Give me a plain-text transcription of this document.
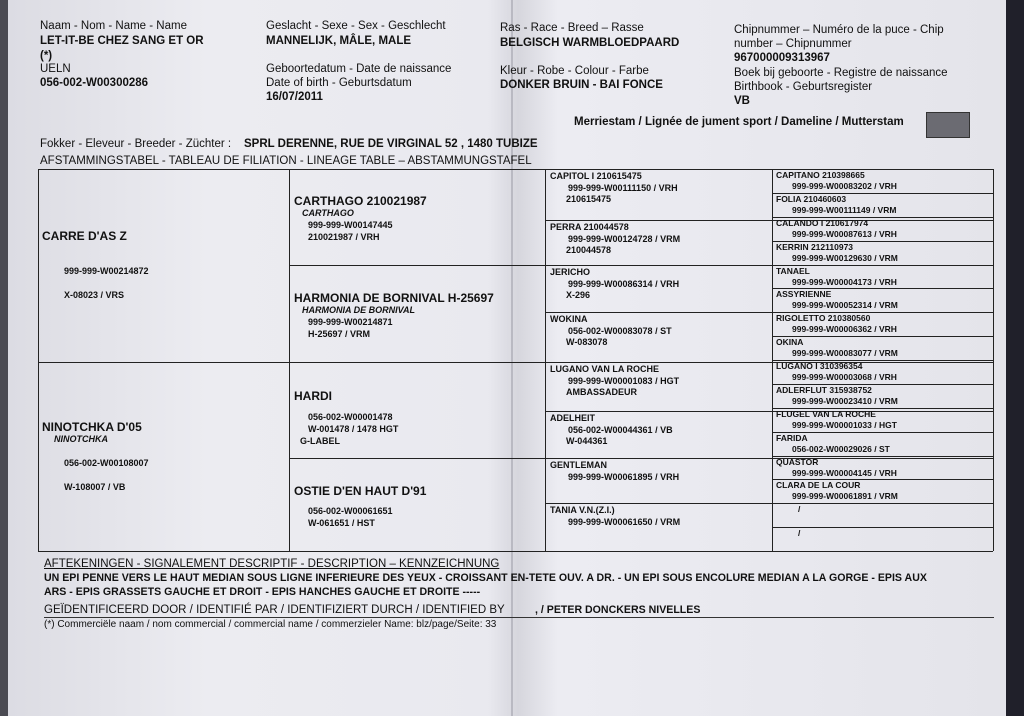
Naam - Nom - Name - Name
LET-IT-BE CHEZ SANG ET OR
(*)
UELN
056-002-W00300286
Geslacht - Sexe - Sex - Geschlecht
MANNELIJK, MÂLE, MALE
Geboortedatum - Date de naissance
Date of birth - Geburtsdatum
16/07/2011
Ras - Race - Breed – Rasse
BELGISCH WARMBLOEDPAARD
Kleur - Robe - Colour - Farbe
DONKER BRUIN - BAI FONCE
Chipnummer – Numéro de la puce - Chip
number – Chipnummer
967000009313967
Boek bij geboorte - Registre de naissance
Birthbook - Geburtsregister
VB
Merriestam / Lignée de jument sport / Dameline / Mutterstam
Fokker - Eleveur - Breeder - Züchter : SPRL DERENNE, RUE DE VIRGINAL 52 , 1480 TUBIZE
AFSTAMMINGSTABEL - TABLEAU DE FILIATION - LINEAGE TABLE – ABSTAMMUNGSTAFEL
CARRE D'AS Z
999-999-W00214872
X-08023 / VRS
NINOTCHKA D'05
NINOTCHKA
056-002-W00108007
W-108007 / VB
CARTHAGO 210021987
CARTHAGO
999-999-W00147445
210021987 / VRH
HARMONIA DE BORNIVAL H-25697
HARMONIA DE BORNIVAL
999-999-W00214871
H-25697 / VRM
HARDI
056-002-W00001478
W-001478 / 1478 HGT
G-LABEL
OSTIE D'EN HAUT D'91
056-002-W00061651
W-061651 / HST
CAPITOL I 210615475
999-999-W00111150 / VRH
210615475
PERRA 210044578
999-999-W00124728 / VRM
210044578
JERICHO
999-999-W00086314 / VRH
X-296
WOKINA
056-002-W00083078 / ST
W-083078
LUGANO VAN LA ROCHE
999-999-W00001083 / HGT
AMBASSADEUR
ADELHEIT
056-002-W00044361 / VB
W-044361
GENTLEMAN
999-999-W00061895 / VRH
TANIA V.N.(Z.I.)
999-999-W00061650 / VRM
CAPITANO 210398665
999-999-W00083202 / VRH
FOLIA 210460603
999-999-W00111149 / VRM
CALANDO I 210617974
999-999-W00087613 / VRH
KERRIN 212110973
999-999-W00129630 / VRM
TANAEL
999-999-W00004173 / VRH
ASSYRIENNE
999-999-W00052314 / VRM
RIGOLETTO 210380560
999-999-W00006362 / VRH
OKINA
999-999-W00083077 / VRM
LUGANO I 310396354
999-999-W00003068 / VRH
ADLERFLUT 315938752
999-999-W00023410 / VRM
FLUGEL VAN LA ROCHE
999-999-W00001033 / HGT
FARIDA
056-002-W00029026 / ST
QUASTOR
999-999-W00004145 / VRH
CLARA DE LA COUR
999-999-W00061891 / VRM
/
/
AFTEKENINGEN - SIGNALEMENT DESCRIPTIF - DESCRIPTION – KENNZEICHNUNG
UN EPI PENNE VERS LE HAUT MEDIAN SOUS LIGNE INFERIEURE DES YEUX - CROISSANT EN-TETE OUV. A DR. - UN EPI SOUS ENCOLURE MEDIAN A LA GORGE - EPIS AUX
ARS - EPIS GRASSETS GAUCHE ET DROIT - EPIS HANCHES GAUCHE ET DROITE -----
GEÏDENTIFICEERD DOOR / IDENTIFIÉ PAR / IDENTIFIZIERT DURCH / IDENTIFIED BY	, / PETER DONCKERS NIVELLES
(*) Commerciële naam / nom commercial / commercial name / commerzieler Name: blz/page/Seite: 33
